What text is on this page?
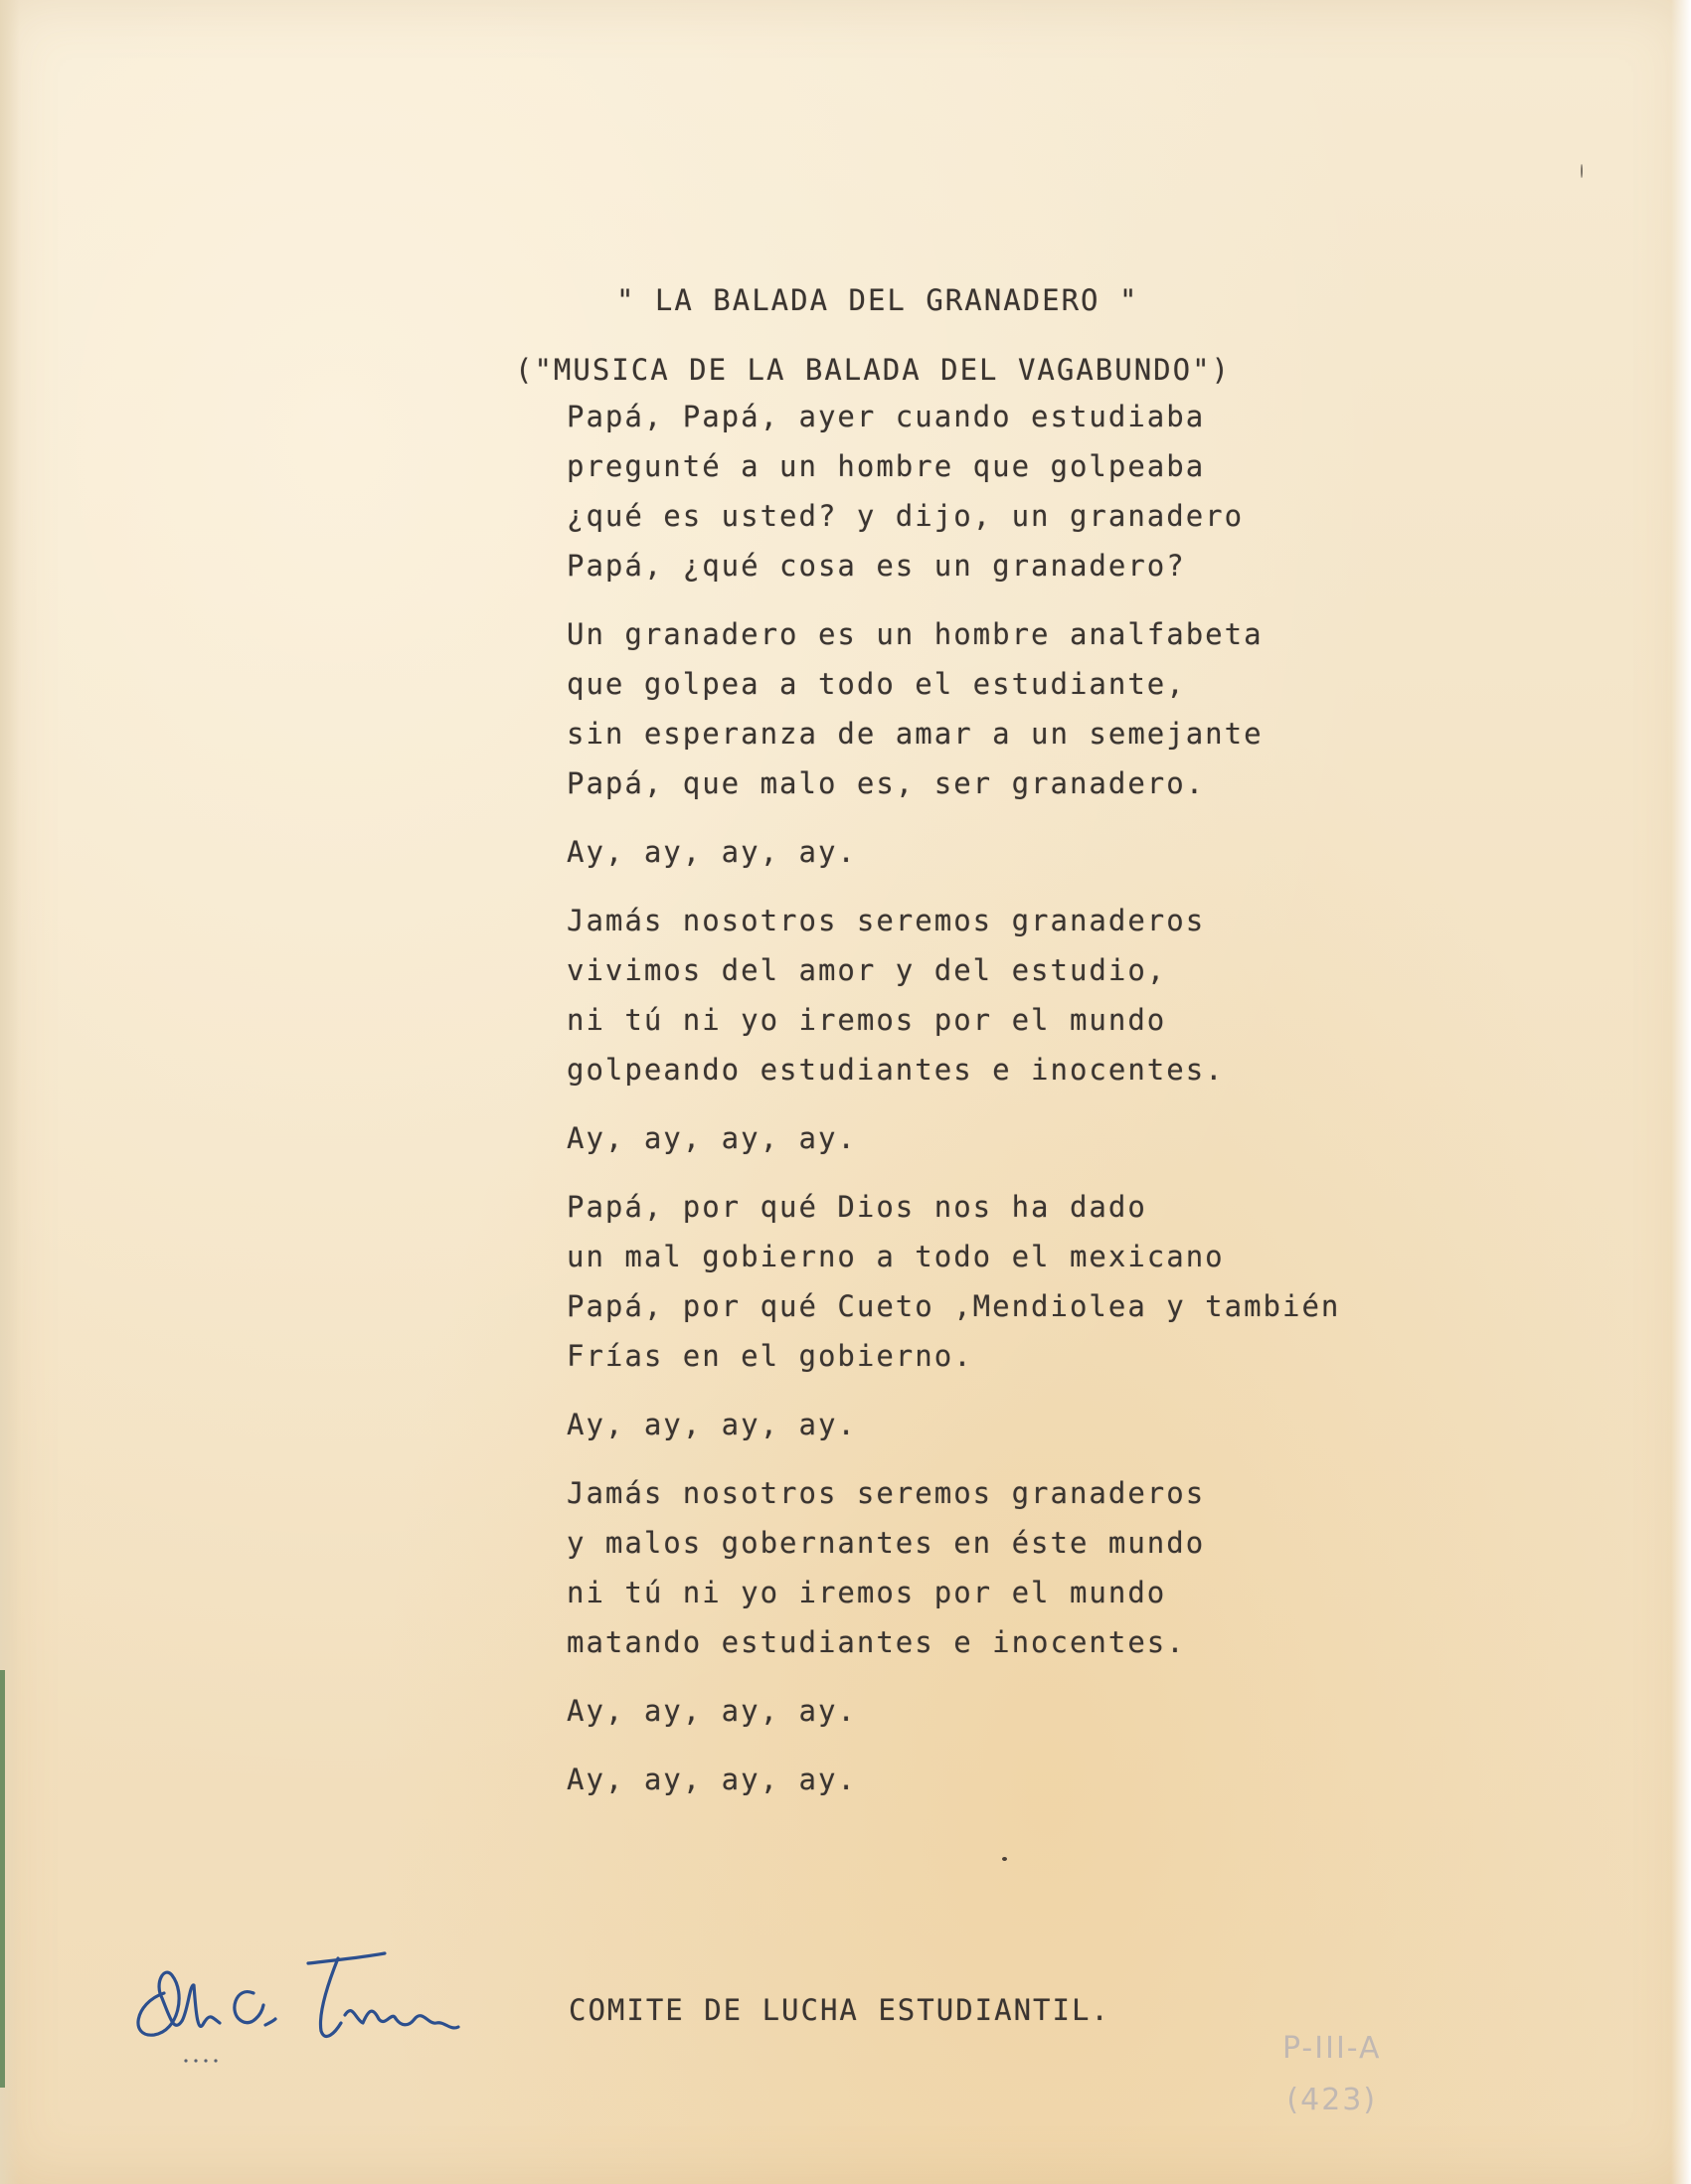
" LA BALADA DEL GRANADERO "
("MUSICA DE LA BALADA DEL VAGABUNDO")
Papá, Papá, ayer cuando estudiaba
pregunté a un hombre que golpeaba
¿qué es usted? y dijo, un granadero
Papá, ¿qué cosa es un granadero?
Un granadero es un hombre analfabeta
que golpea a todo el estudiante,
sin esperanza de amar a un semejante
Papá, que malo es, ser granadero.
Ay, ay, ay, ay.
Jamás nosotros seremos granaderos
vivimos del amor y del estudio,
ni tú ni yo iremos por el mundo
golpeando estudiantes e inocentes.
Ay, ay, ay, ay.
Papá, por qué Dios nos ha dado
un mal gobierno a todo el mexicano
Papá, por qué Cueto ,Mendiolea y también
Frías en el gobierno.
Ay, ay, ay, ay.
Jamás nosotros seremos granaderos
y malos gobernantes en éste mundo
ni tú ni yo iremos por el mundo
matando estudiantes e inocentes.
Ay, ay, ay, ay.
Ay, ay, ay, ay.
COMITE DE LUCHA ESTUDIANTIL.
P-III-A
(423)
